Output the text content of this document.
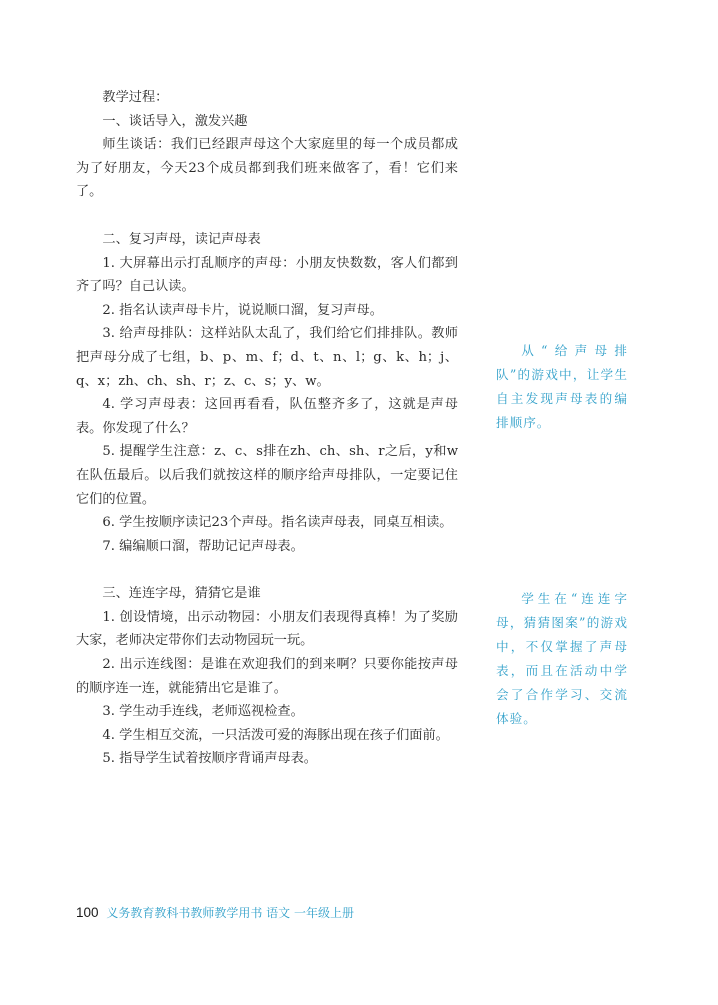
教学过程：

一、谈话导入，激发兴趣

师生谈话：我们已经跟声母这个大家庭里的每一个成员都成为了好朋友，今天23个成员都到我们班来做客了，看！它们来了。

二、复习声母，读记声母表

1. 大屏幕出示打乱顺序的声母：小朋友快数数，客人们都到齐了吗？自己认读。

2. 指名认读声母卡片，说说顺口溜，复习声母。

3. 给声母排队：这样站队太乱了，我们给它们排排队。教师把声母分成了七组，b、p、m、f；d、t、n、l；g、k、h；j、q、x；zh、ch、sh、r；z、c、s；y、w。

4. 学习声母表：这回再看看，队伍整齐多了，这就是声母表。你发现了什么？

5. 提醒学生注意：z、c、s排在zh、ch、sh、r之后，y和w在队伍最后。以后我们就按这样的顺序给声母排队，一定要记住它们的位置。

6. 学生按顺序读记23个声母。指名读声母表，同桌互相读。

7. 编编顺口溜，帮助记记声母表。

三、连连字母，猜猜它是谁

1. 创设情境，出示动物园：小朋友们表现得真棒！为了奖励大家，老师决定带你们去动物园玩一玩。

2. 出示连线图：是谁在欢迎我们的到来啊？只要你能按声母的顺序连一连，就能猜出它是谁了。

3. 学生动手连线，老师巡视检查。

4. 学生相互交流，一只活泼可爱的海豚出现在孩子们面前。

5. 指导学生试着按顺序背诵声母表。

从“给声母排队”的游戏中，让学生自主发现声母表的编排顺序。

学生在“连连字母，猜猜图案”的游戏中，不仅掌握了声母表，而且在活动中学会了合作学习、交流体验。

100 义务教育教科书教师教学用书 语文 一年级上册
